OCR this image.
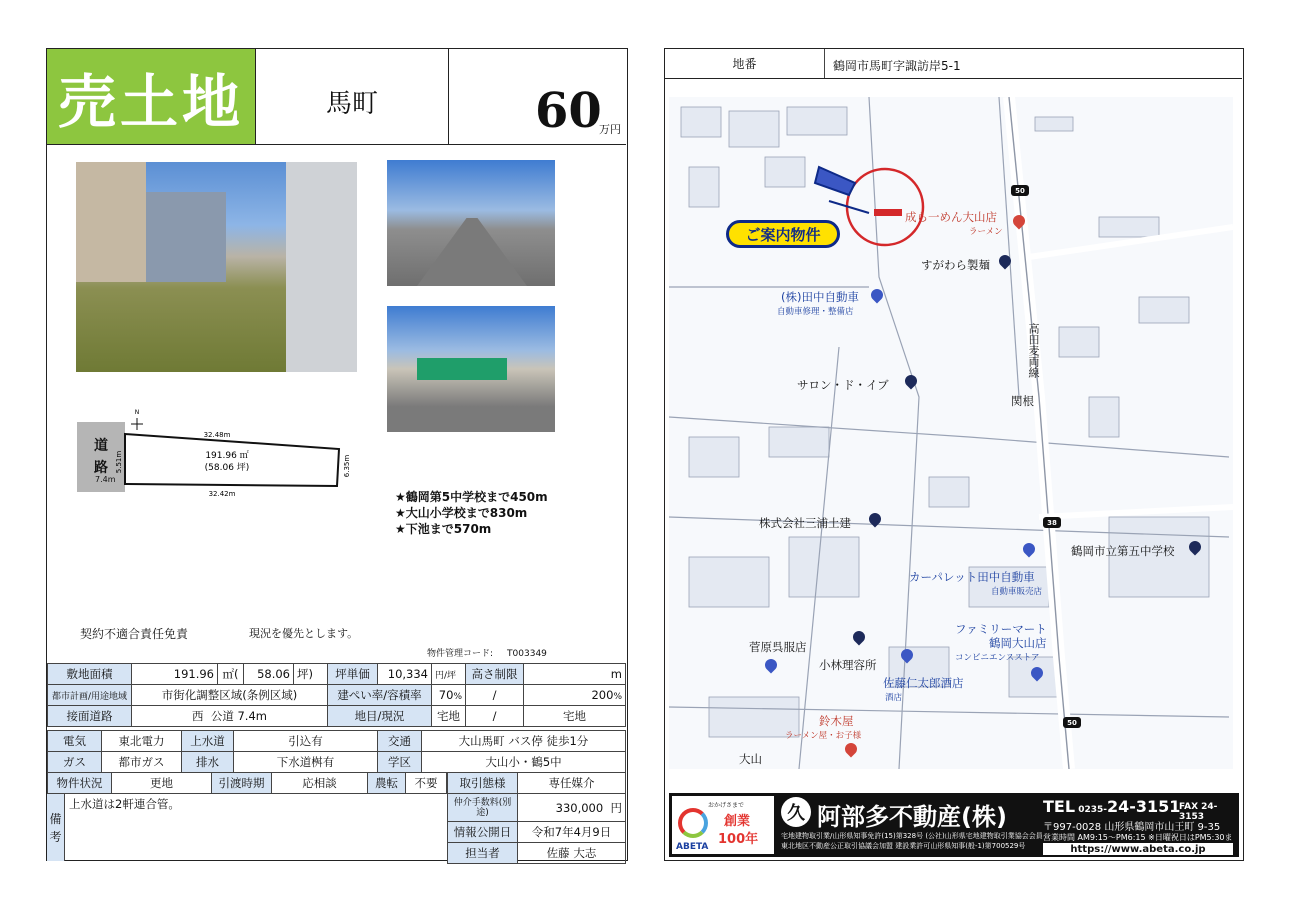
売土地	馬町	60
万円
道
路
7.4m
N
32.48m
32.42m
5.51m	6.35m
191.96 ㎡
(58.06 坪)
★鶴岡第5中学校まで450m
★大山小学校まで830m
★下池まで570m
契約不適合責任免責	現況を優先とします。
物件管理コード: T003349
敷地面積	191.96	㎡(	58.06	坪)	坪単価	10,334	円/坪	高さ制限	m
都市計画/用途地域	市街化調整区域(条例区域)				建ぺい率/容積率		70%	/	200%
接面道路	西 公道 7.4m				地目/現況		宅地	/	宅地
電気	東北電力	上水道	引込有	交通	大山馬町 バス停 徒歩1分
ガス	都市ガス	排水	下水道桝有	学区	大山小・鶴5中
物件状況	更地	引渡時期	応相談	農転	不要
備
考
上水道は2軒連合管。
取引態様	専任媒介
仲介手数料(別途)	330,000 円
情報公開日	令和7年4月9日
担当者	佐藤 大志
地番	鶴岡市馬町字諏訪岸5-1
ご案内物件
成ら一めん大山店
ラーメン
すがわら製麺
(株)田中自動車
自動車修理・整備店
サロン・ド・イブ
関根
高田麦両線
株式会社三浦土建
鶴岡市立第五中学校
カーパレット田中自動車
自動車販売店
ファミリーマート
鶴岡大山店
コンビニエンスストア
菅原呉服店
小林理容所
佐藤仁太郎酒店
酒店
鈴木屋
ラーメン屋・お子様
大山
50
38
50
おかげさまで
創業
100年
ABETA
久 阿部多不動産(株)
宅地建物取引業/山形県知事免許(15)第328号 (公社)山形県宅地建物取引業協会会員
東北地区不動産公正取引協議会加盟 建設業許可山形県知事(般-1)第700529号
TEL 0235-24-3151
FAX 24-3153
〒997-0028 山形県鶴岡市山王町 9-35
営業時間 AM9:15〜PM6:15 ※日曜祝日はPM5:30ま
https://www.abeta.co.jp
